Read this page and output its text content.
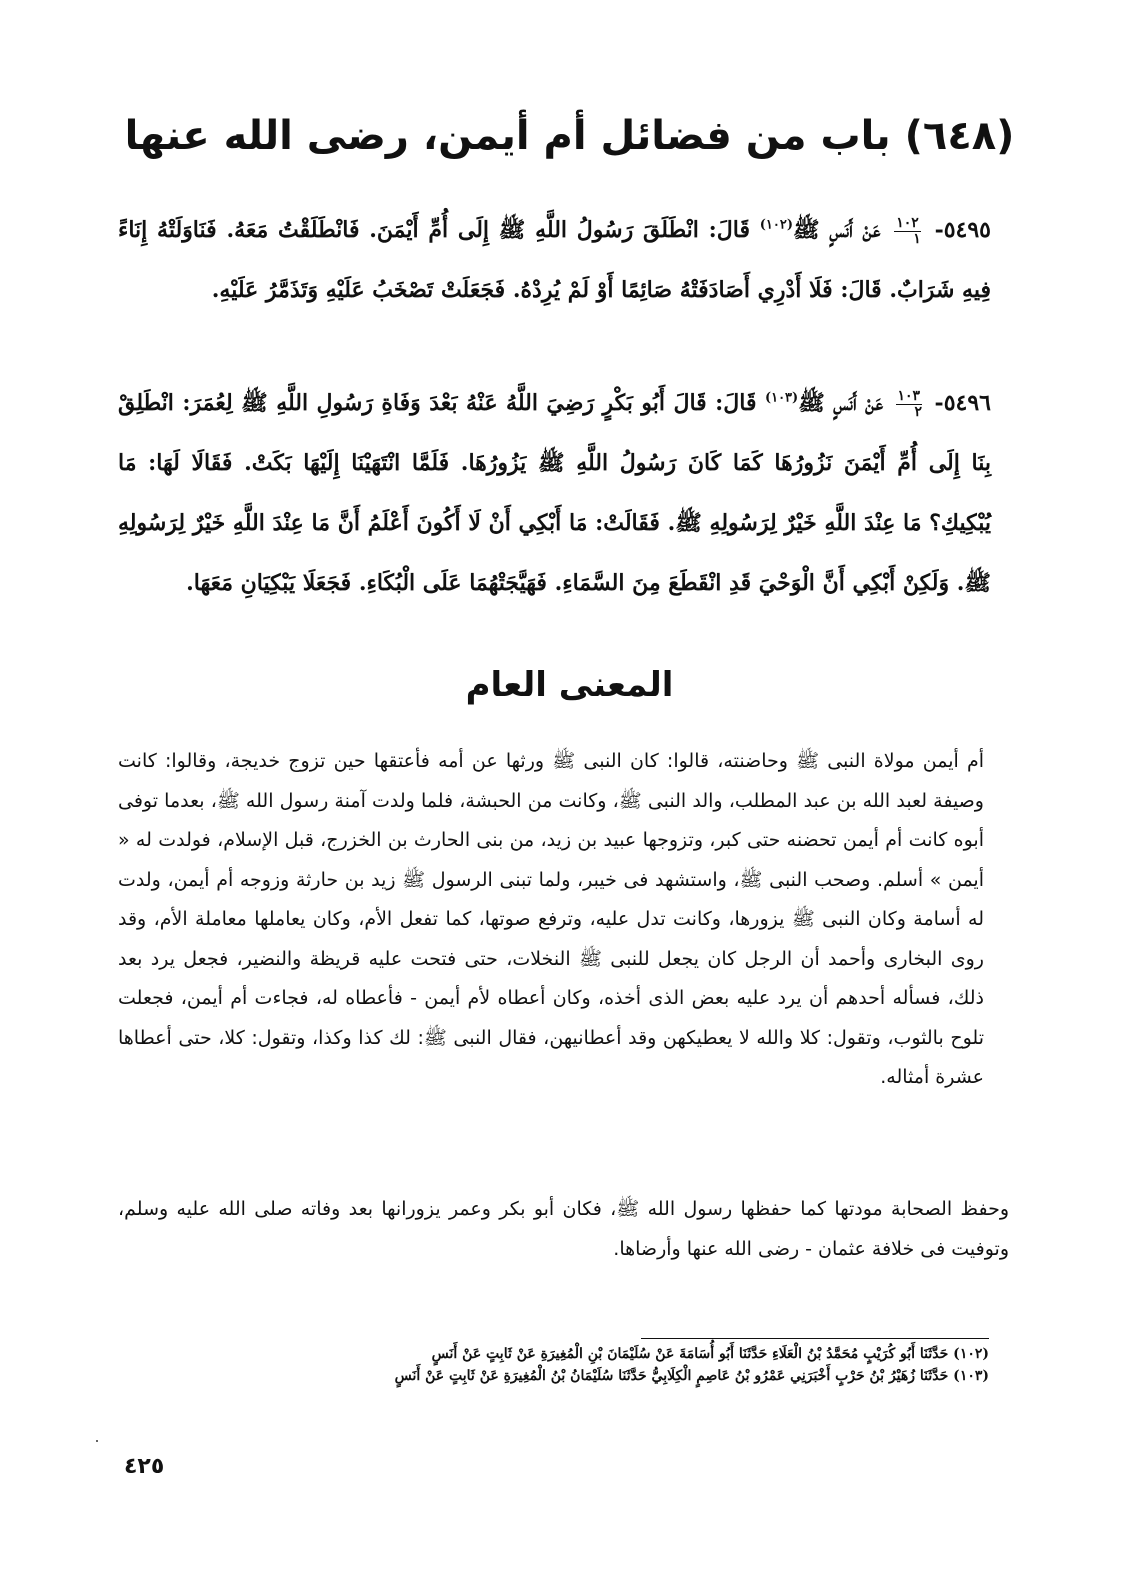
(٦٤٨) باب من فضائل أم أيمن، رضى الله عنها

٥٤٩٥-
$\frac{١٠٢}{١}$
عَنْ أَنَسٍ ﷺ$^{(١٠٢)}$ قَالَ: انْطَلَقَ رَسُولُ اللَّهِ ﷺ إِلَى أُمِّ أَيْمَنَ. فَانْطَلَقْتُ مَعَهُ. فَنَاوَلَتْهُ إِنَاءً فِيهِ شَرَابٌ. قَالَ: فَلَا أَدْرِي أَصَادَفَتْهُ صَائِمًا أَوْ لَمْ يُرِدْهُ. فَجَعَلَتْ تَصْخَبُ عَلَيْهِ وَتَذَمَّرُ عَلَيْهِ.

٥٤٩٦-
$\frac{١٠٣}{٢}$
عَنْ أَنَسٍ ﷺ$^{(١٠٣)}$ قَالَ: قَالَ أَبُو بَكْرٍ رَضِيَ اللَّهُ عَنْهُ بَعْدَ وَفَاةِ رَسُولِ اللَّهِ ﷺ لِعُمَرَ: انْطَلِقْ بِنَا إِلَى أُمِّ أَيْمَنَ نَزُورُهَا كَمَا كَانَ رَسُولُ اللَّهِ ﷺ يَزُورُهَا. فَلَمَّا انْتَهَيْنَا إِلَيْهَا بَكَتْ. فَقَالَا لَهَا: مَا يُبْكِيكِ؟ مَا عِنْدَ اللَّهِ خَيْرٌ لِرَسُولِهِ ﷺ. فَقَالَتْ: مَا أَبْكِي أَنْ لَا أَكُونَ أَعْلَمُ أَنَّ مَا عِنْدَ اللَّهِ خَيْرٌ لِرَسُولِهِ ﷺ. وَلَكِنْ أَبْكِي أَنَّ الْوَحْيَ قَدِ انْقَطَعَ مِنَ السَّمَاءِ. فَهَيَّجَتْهُمَا عَلَى الْبُكَاءِ. فَجَعَلَا يَبْكِيَانِ مَعَهَا.

المعنى العام

أم أيمن مولاة النبى ﷺ وحاضنته، قالوا: كان النبى ﷺ ورثها عن أمه فأعتقها حين تزوج خديجة، وقالوا: كانت وصيفة لعبد الله بن عبد المطلب، والد النبى ﷺ، وكانت من الحبشة، فلما ولدت آمنة رسول الله ﷺ، بعدما توفى أبوه كانت أم أيمن تحضنه حتى كبر، وتزوجها عبيد بن زيد، من بنى الحارث بن الخزرج، قبل الإسلام، فولدت له « أيمن » أسلم. وصحب النبى ﷺ، واستشهد فى خيبر، ولما تبنى الرسول ﷺ زيد بن حارثة وزوجه أم أيمن، ولدت له أسامة وكان النبى ﷺ يزورها، وكانت تدل عليه، وترفع صوتها، كما تفعل الأم، وكان يعاملها معاملة الأم، وقد روى البخارى وأحمد أن الرجل كان يجعل للنبى ﷺ النخلات، حتى فتحت عليه قريظة والنضير، فجعل يرد بعد ذلك، فسأله أحدهم أن يرد عليه بعض الذى أخذه، وكان أعطاه لأم أيمن - فأعطاه له، فجاءت أم أيمن، فجعلت تلوح بالثوب، وتقول: كلا والله لا يعطيكهن وقد أعطانيهن، فقال النبى ﷺ: لك كذا وكذا، وتقول: كلا، حتى أعطاها عشرة أمثاله.

وحفظ الصحابة مودتها كما حفظها رسول الله ﷺ، فكان أبو بكر وعمر يزورانها بعد وفاته صلى الله عليه وسلم، وتوفيت فى خلافة عثمان - رضى الله عنها وأرضاها.

(١٠٢) حَدَّثَنَا أَبُو كُرَيْبٍ مُحَمَّدُ بْنُ الْعَلَاءِ حَدَّثَنَا أَبُو أُسَامَةَ عَنْ سُلَيْمَانَ بْنِ الْمُغِيرَةِ عَنْ ثَابِتٍ عَنْ أَنَسٍ

(١٠٣) حَدَّثَنَا زُهَيْرُ بْنُ حَرْبٍ أَخْبَرَنِي عَمْرُو بْنُ عَاصِمٍ الْكِلَابِيُّ حَدَّثَنَا سُلَيْمَانُ بْنُ الْمُغِيرَةِ عَنْ ثَابِتٍ عَنْ أَنَسٍ

٤٢٥
